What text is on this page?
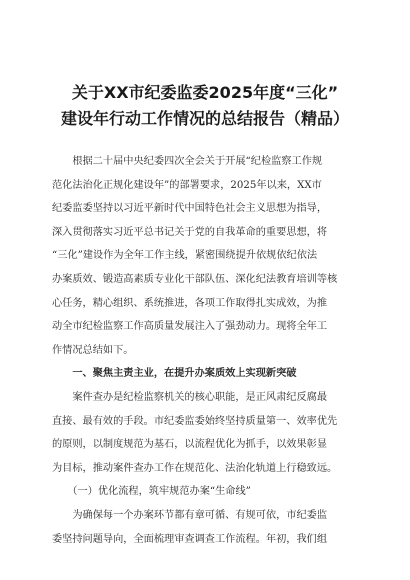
关于XX市纪委监委2025年度“三化”
建设年行动工作情况的总结报告（精品）
　　根据二十届中央纪委四次全会关于开展“纪检监察工作规
范化法治化正规化建设年”的部署要求，2025年以来，XX市
纪委监委坚持以习近平新时代中国特色社会主义思想为指导，
深入贯彻落实习近平总书记关于党的自我革命的重要思想，将
“三化”建设作为全年工作主线，紧密围绕提升依规依纪依法
办案质效、锻造高素质专业化干部队伍、深化纪法教育培训等核
心任务，精心组织、系统推进，各项工作取得扎实成效，为推
动全市纪检监察工作高质量发展注入了强劲动力。现将全年工
作情况总结如下。
　　一、聚焦主责主业，在提升办案质效上实现新突破
　　案件查办是纪检监察机关的核心职能，是正风肃纪反腐最
直接、最有效的手段。市纪委监委始终坚持质量第一、效率优先
的原则，以制度规范为基石，以流程优化为抓手，以效果彰显
为目标，推动案件查办工作在规范化、法治化轨道上行稳致远。
　　（一）优化流程，筑牢规范办案“生命线”
　　为确保每一个办案环节都有章可循、有规可依，市纪委监
委坚持问题导向，全面梳理审查调查工作流程。年初，我们组
